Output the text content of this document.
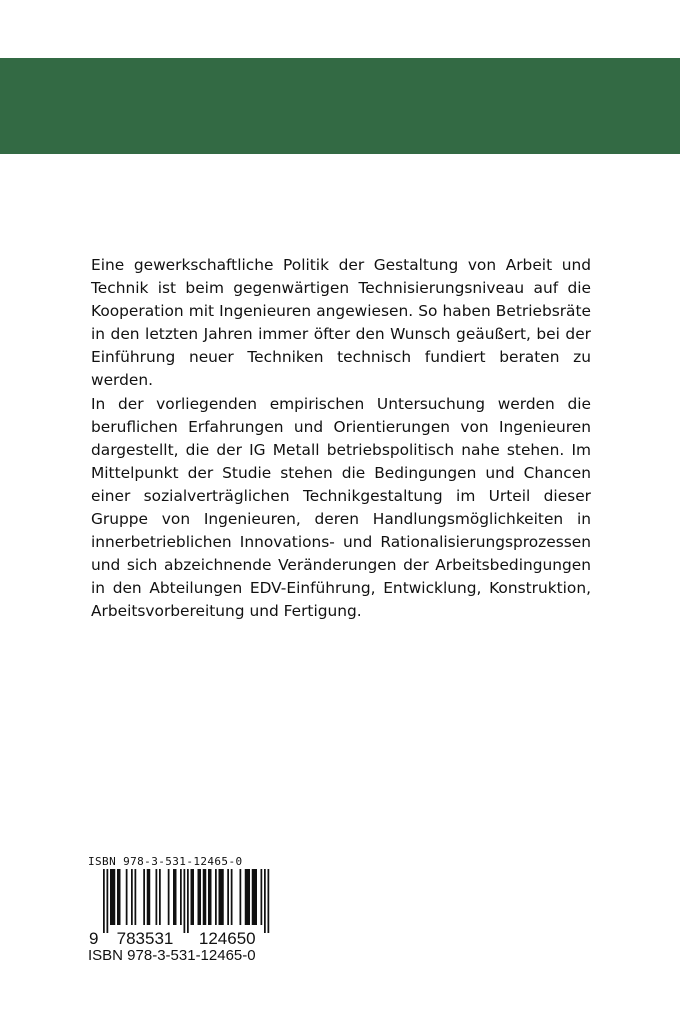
Eine gewerkschaftliche Politik der Gestaltung von Arbeit und Technik ist beim gegenwärtigen Technisierungsniveau auf die Kooperation mit Ingenieuren angewiesen. So haben Betriebsräte in den letzten Jahren immer öfter den Wunsch geäußert, bei der Einführung neuer Techniken technisch fundiert beraten zu werden.

In der vorliegenden empirischen Untersuchung werden die beruflichen Erfahrungen und Orientierungen von Ingenieuren dargestellt, die der IG Metall betriebspolitisch nahe stehen. Im Mittelpunkt der Studie stehen die Bedingungen und Chancen einer sozialverträglichen Technikgestaltung im Urteil dieser Gruppe von Ingenieuren, deren Handlungsmöglichkeiten in innerbetrieblichen Innovations- und Rationalisierungsprozessen und sich abzeichnende Veränderungen der Arbeitsbedingungen in den Abteilungen EDV-Einführung, Entwicklung, Konstruktion, Arbeitsvorbereitung und Fertigung.

ISBN 978-3-531-12465-0
9 783531 124650
ISBN 978-3-531-12465-0
